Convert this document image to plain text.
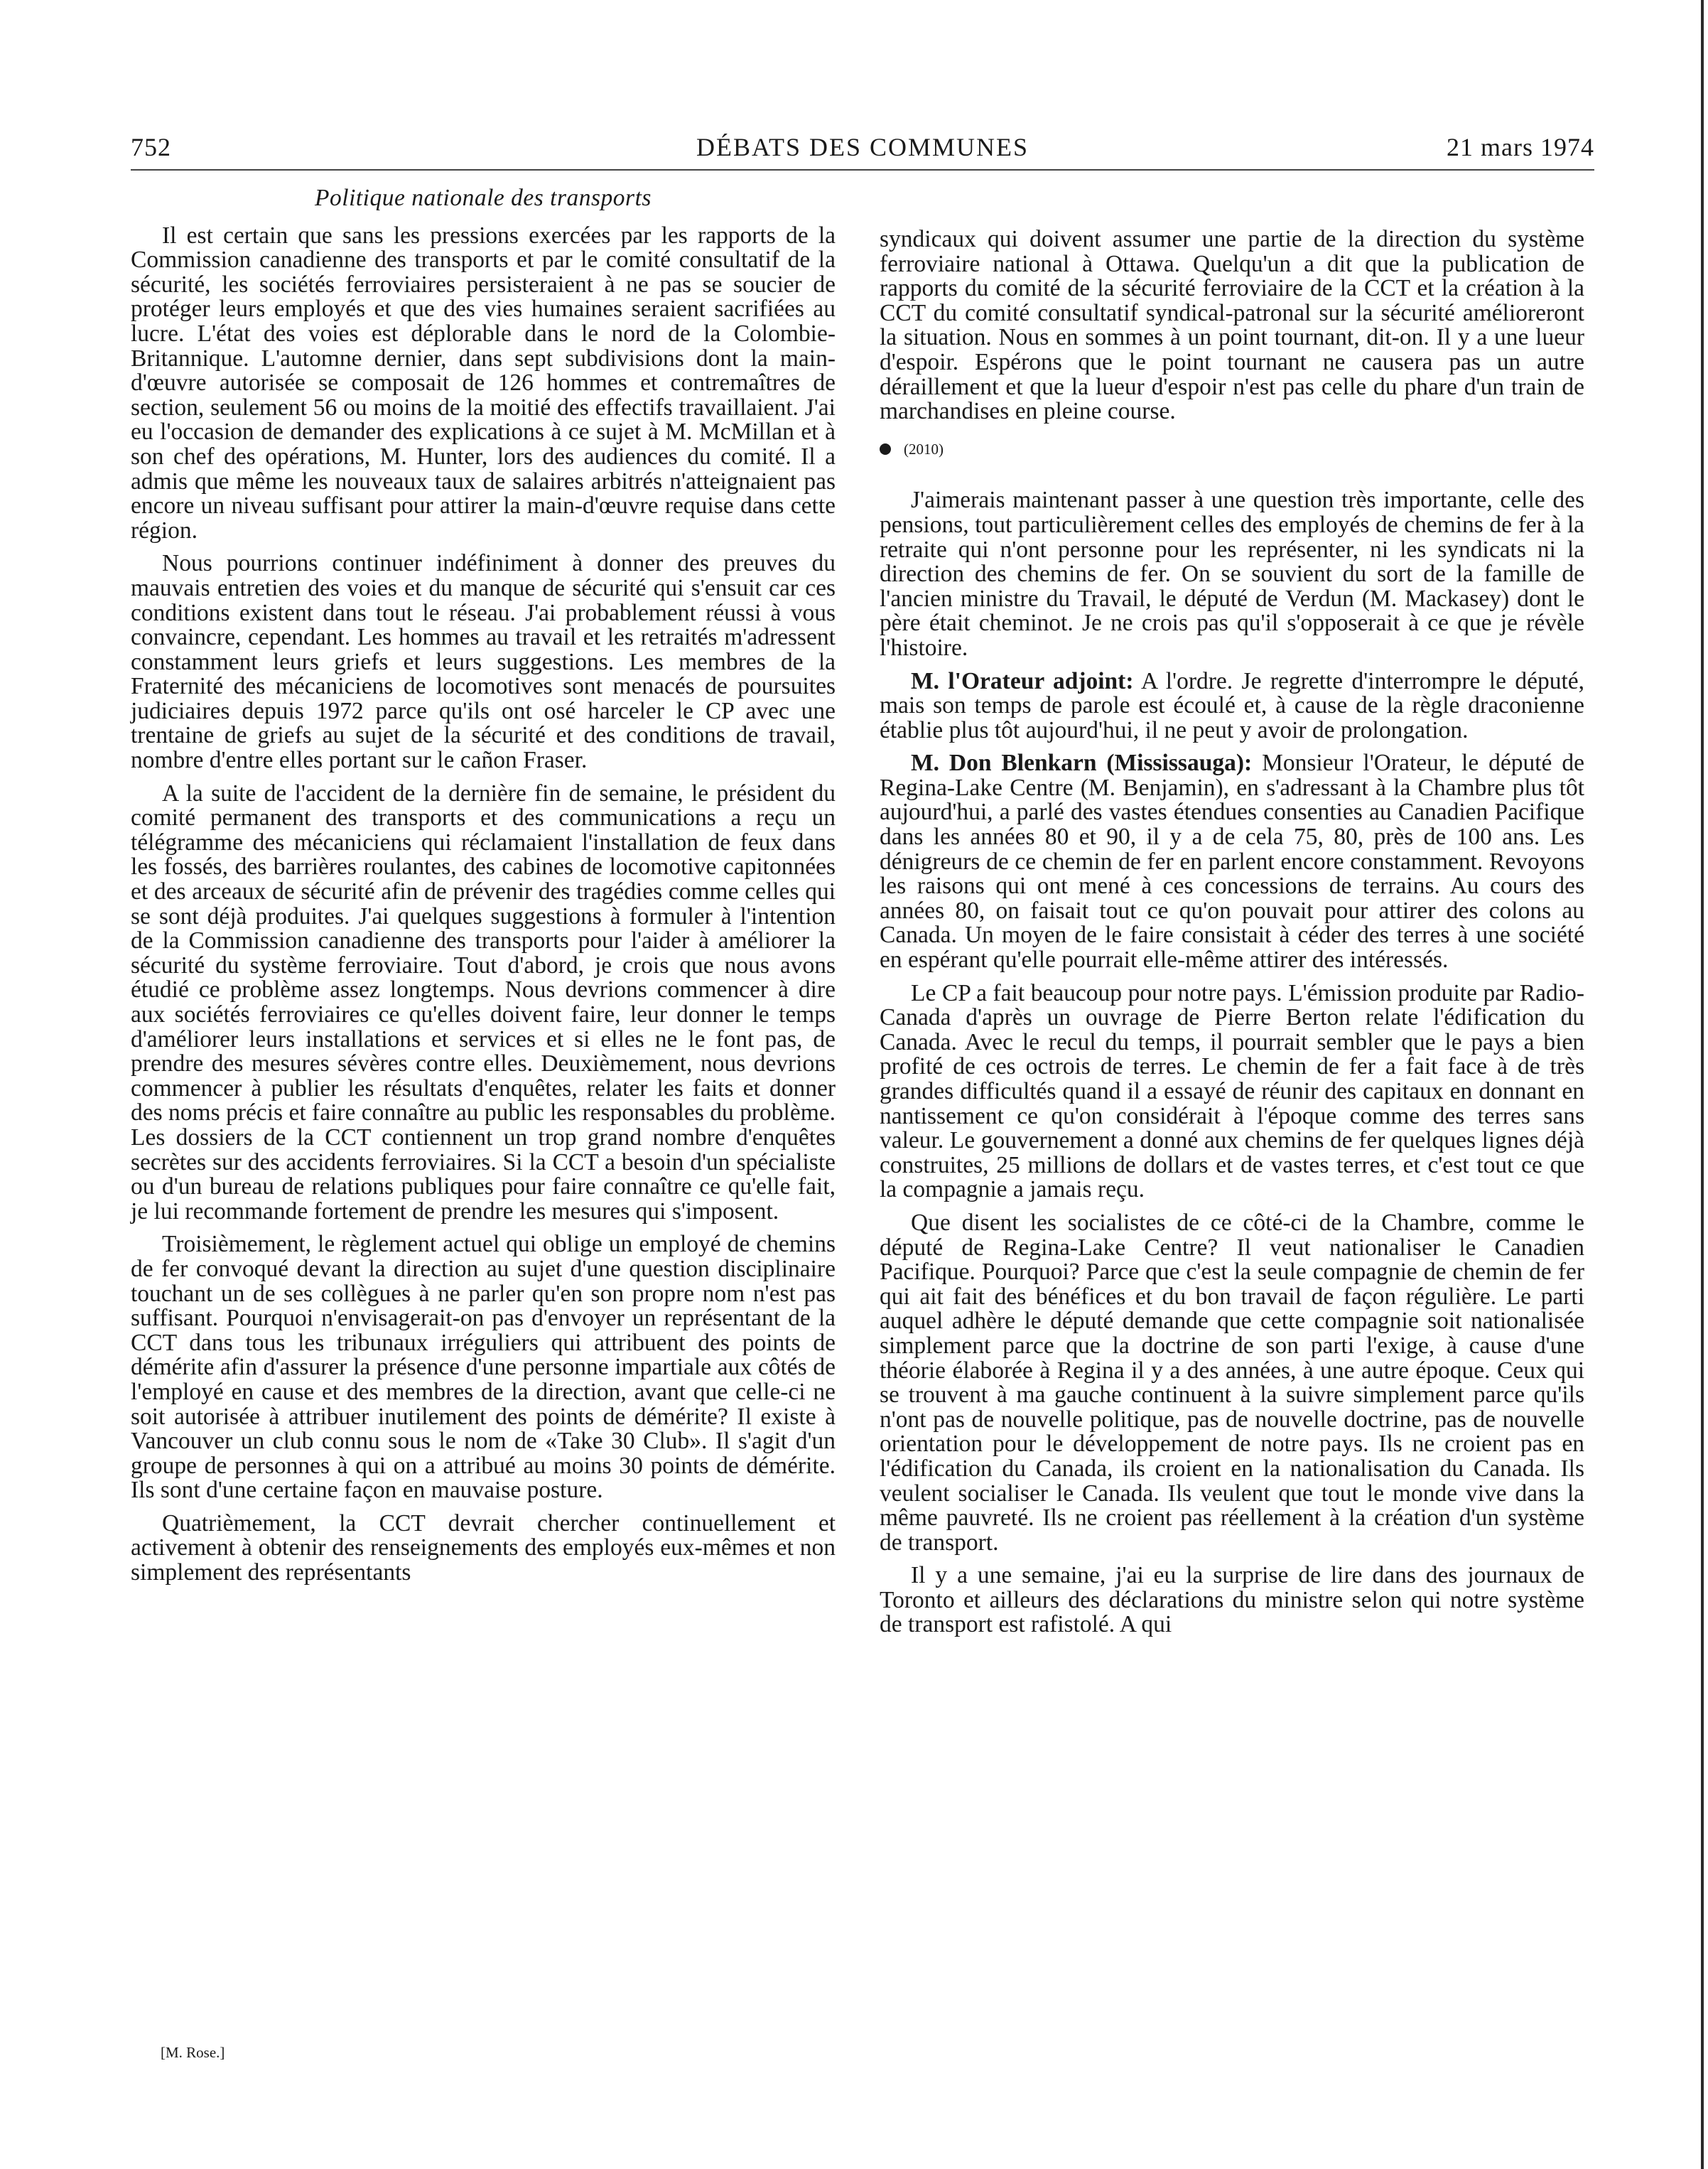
752	DÉBATS DES COMMUNES	21 mars 1974

Politique nationale des transports

Il est certain que sans les pressions exercées par les rapports de la Commission canadienne des transports et par le comité consultatif de la sécurité, les sociétés ferroviaires persisteraient à ne pas se soucier de protéger leurs employés et que des vies humaines seraient sacrifiées au lucre. L'état des voies est déplorable dans le nord de la Colombie-Britannique. L'automne dernier, dans sept subdivisions dont la main-d'œuvre autorisée se composait de 126 hommes et contremaîtres de section, seulement 56 ou moins de la moitié des effectifs travaillaient. J'ai eu l'occasion de demander des explications à ce sujet à M. McMillan et à son chef des opérations, M. Hunter, lors des audiences du comité. Il a admis que même les nouveaux taux de salaires arbitrés n'atteignaient pas encore un niveau suffisant pour attirer la main-d'œuvre requise dans cette région.

Nous pourrions continuer indéfiniment à donner des preuves du mauvais entretien des voies et du manque de sécurité qui s'ensuit car ces conditions existent dans tout le réseau. J'ai probablement réussi à vous convaincre, cependant. Les hommes au travail et les retraités m'adressent constamment leurs griefs et leurs suggestions. Les membres de la Fraternité des mécaniciens de locomotives sont menacés de poursuites judiciaires depuis 1972 parce qu'ils ont osé harceler le CP avec une trentaine de griefs au sujet de la sécurité et des conditions de travail, nombre d'entre elles portant sur le cañon Fraser.

A la suite de l'accident de la dernière fin de semaine, le président du comité permanent des transports et des communications a reçu un télégramme des mécaniciens qui réclamaient l'installation de feux dans les fossés, des barrières roulantes, des cabines de locomotive capitonnées et des arceaux de sécurité afin de prévenir des tragédies comme celles qui se sont déjà produites. J'ai quelques suggestions à formuler à l'intention de la Commission canadienne des transports pour l'aider à améliorer la sécurité du système ferroviaire. Tout d'abord, je crois que nous avons étudié ce problème assez longtemps. Nous devrions commencer à dire aux sociétés ferroviaires ce qu'elles doivent faire, leur donner le temps d'améliorer leurs installations et services et si elles ne le font pas, de prendre des mesures sévères contre elles. Deuxièmement, nous devrions commencer à publier les résultats d'enquêtes, relater les faits et donner des noms précis et faire connaître au public les responsables du problème. Les dossiers de la CCT contiennent un trop grand nombre d'enquêtes secrètes sur des accidents ferroviaires. Si la CCT a besoin d'un spécialiste ou d'un bureau de relations publiques pour faire connaître ce qu'elle fait, je lui recommande fortement de prendre les mesures qui s'imposent.

Troisièmement, le règlement actuel qui oblige un employé de chemins de fer convoqué devant la direction au sujet d'une question disciplinaire touchant un de ses collègues à ne parler qu'en son propre nom n'est pas suffisant. Pourquoi n'envisagerait-on pas d'envoyer un représentant de la CCT dans tous les tribunaux irréguliers qui attribuent des points de démérite afin d'assurer la présence d'une personne impartiale aux côtés de l'employé en cause et des membres de la direction, avant que celle-ci ne soit autorisée à attribuer inutilement des points de démérite? Il existe à Vancouver un club connu sous le nom de «Take 30 Club». Il s'agit d'un groupe de personnes à qui on a attribué au moins 30 points de démérite. Ils sont d'une certaine façon en mauvaise posture.

Quatrièmement, la CCT devrait chercher continuellement et activement à obtenir des renseignements des employés eux-mêmes et non simplement des représentants

[M. Rose.]

syndicaux qui doivent assumer une partie de la direction du système ferroviaire national à Ottawa. Quelqu'un a dit que la publication de rapports du comité de la sécurité ferroviaire de la CCT et la création à la CCT du comité consultatif syndical-patronal sur la sécurité amélioreront la situation. Nous en sommes à un point tournant, dit-on. Il y a une lueur d'espoir. Espérons que le point tournant ne causera pas un autre déraillement et que la lueur d'espoir n'est pas celle du phare d'un train de marchandises en pleine course.

(2010)

J'aimerais maintenant passer à une question très importante, celle des pensions, tout particulièrement celles des employés de chemins de fer à la retraite qui n'ont personne pour les représenter, ni les syndicats ni la direction des chemins de fer. On se souvient du sort de la famille de l'ancien ministre du Travail, le député de Verdun (M. Mackasey) dont le père était cheminot. Je ne crois pas qu'il s'opposerait à ce que je révèle l'histoire.

M. l'Orateur adjoint: A l'ordre. Je regrette d'interrompre le député, mais son temps de parole est écoulé et, à cause de la règle draconienne établie plus tôt aujourd'hui, il ne peut y avoir de prolongation.

M. Don Blenkarn (Mississauga): Monsieur l'Orateur, le député de Regina-Lake Centre (M. Benjamin), en s'adressant à la Chambre plus tôt aujourd'hui, a parlé des vastes étendues consenties au Canadien Pacifique dans les années 80 et 90, il y a de cela 75, 80, près de 100 ans. Les dénigreurs de ce chemin de fer en parlent encore constamment. Revoyons les raisons qui ont mené à ces concessions de terrains. Au cours des années 80, on faisait tout ce qu'on pouvait pour attirer des colons au Canada. Un moyen de le faire consistait à céder des terres à une société en espérant qu'elle pourrait elle-même attirer des intéressés.

Le CP a fait beaucoup pour notre pays. L'émission produite par Radio-Canada d'après un ouvrage de Pierre Berton relate l'édification du Canada. Avec le recul du temps, il pourrait sembler que le pays a bien profité de ces octrois de terres. Le chemin de fer a fait face à de très grandes difficultés quand il a essayé de réunir des capitaux en donnant en nantissement ce qu'on considérait à l'époque comme des terres sans valeur. Le gouvernement a donné aux chemins de fer quelques lignes déjà construites, 25 millions de dollars et de vastes terres, et c'est tout ce que la compagnie a jamais reçu.

Que disent les socialistes de ce côté-ci de la Chambre, comme le député de Regina-Lake Centre? Il veut nationaliser le Canadien Pacifique. Pourquoi? Parce que c'est la seule compagnie de chemin de fer qui ait fait des bénéfices et du bon travail de façon régulière. Le parti auquel adhère le député demande que cette compagnie soit nationalisée simplement parce que la doctrine de son parti l'exige, à cause d'une théorie élaborée à Regina il y a des années, à une autre époque. Ceux qui se trouvent à ma gauche continuent à la suivre simplement parce qu'ils n'ont pas de nouvelle politique, pas de nouvelle doctrine, pas de nouvelle orientation pour le développement de notre pays. Ils ne croient pas en l'édification du Canada, ils croient en la nationalisation du Canada. Ils veulent socialiser le Canada. Ils veulent que tout le monde vive dans la même pauvreté. Ils ne croient pas réellement à la création d'un système de transport.

Il y a une semaine, j'ai eu la surprise de lire dans des journaux de Toronto et ailleurs des déclarations du ministre selon qui notre système de transport est rafistolé. A qui
